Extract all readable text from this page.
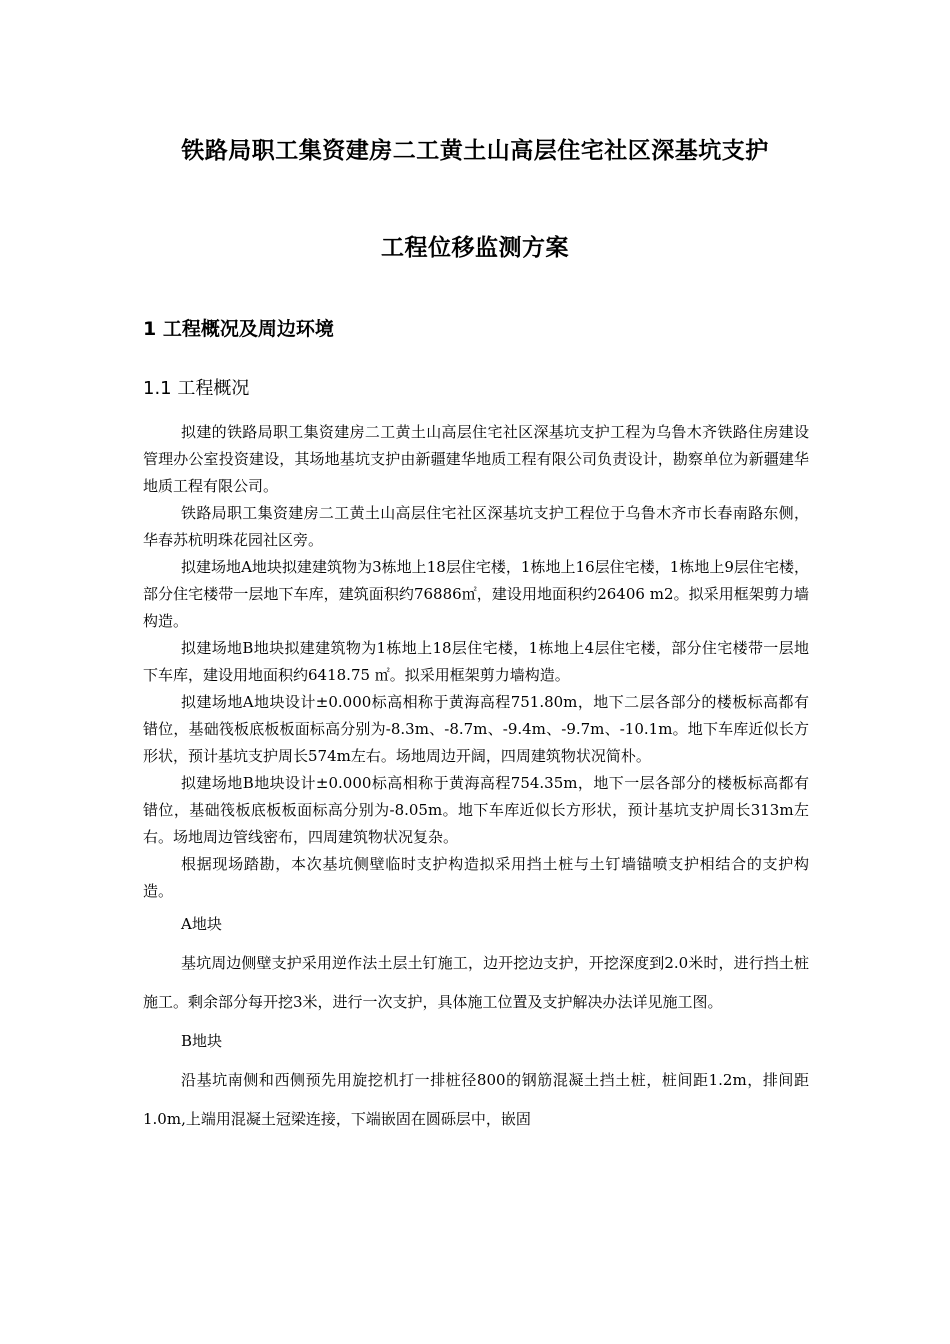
铁路局职工集资建房二工黄土山高层住宅社区深基坑支护
工程位移监测方案
1 工程概况及周边环境
1.1 工程概况

拟建的铁路局职工集资建房二工黄土山高层住宅社区深基坑支护工程为乌鲁木齐铁路住房建设管理办公室投资建设，其场地基坑支护由新疆建华地质工程有限公司负责设计，勘察单位为新疆建华地质工程有限公司。

铁路局职工集资建房二工黄土山高层住宅社区深基坑支护工程位于乌鲁木齐市长春南路东侧，华春苏杭明珠花园社区旁。

拟建场地A地块拟建建筑物为3栋地上18层住宅楼，1栋地上16层住宅楼，1栋地上9层住宅楼，部分住宅楼带一层地下车库，建筑面积约76886㎡，建设用地面积约26406 m2。拟采用框架剪力墙构造。

拟建场地B地块拟建建筑物为1栋地上18层住宅楼，1栋地上4层住宅楼，部分住宅楼带一层地下车库，建设用地面积约6418.75 ㎡。拟采用框架剪力墙构造。

拟建场地A地块设计±0.000标高相称于黄海高程751.80m，地下二层各部分的楼板标高都有错位，基础筏板底板板面标高分别为-8.3m、-8.7m、-9.4m、-9.7m、-10.1m。地下车库近似长方形状，预计基坑支护周长574m左右。场地周边开阔，四周建筑物状况简朴。

拟建场地B地块设计±0.000标高相称于黄海高程754.35m，地下一层各部分的楼板标高都有错位，基础筏板底板板面标高分别为-8.05m。地下车库近似长方形状，预计基坑支护周长313m左右。场地周边管线密布，四周建筑物状况复杂。

根据现场踏勘，本次基坑侧壁临时支护构造拟采用挡土桩与土钉墙锚喷支护相结合的支护构造。

A地块

基坑周边侧壁支护采用逆作法土层土钉施工，边开挖边支护，开挖深度到2.0米时，进行挡土桩施工。剩余部分每开挖3米，进行一次支护，具体施工位置及支护解决办法详见施工图。

B地块

沿基坑南侧和西侧预先用旋挖机打一排桩径800的钢筋混凝土挡土桩，桩间距1.2m，排间距1.0m,上端用混凝土冠梁连接，下端嵌固在圆砾层中，嵌固
